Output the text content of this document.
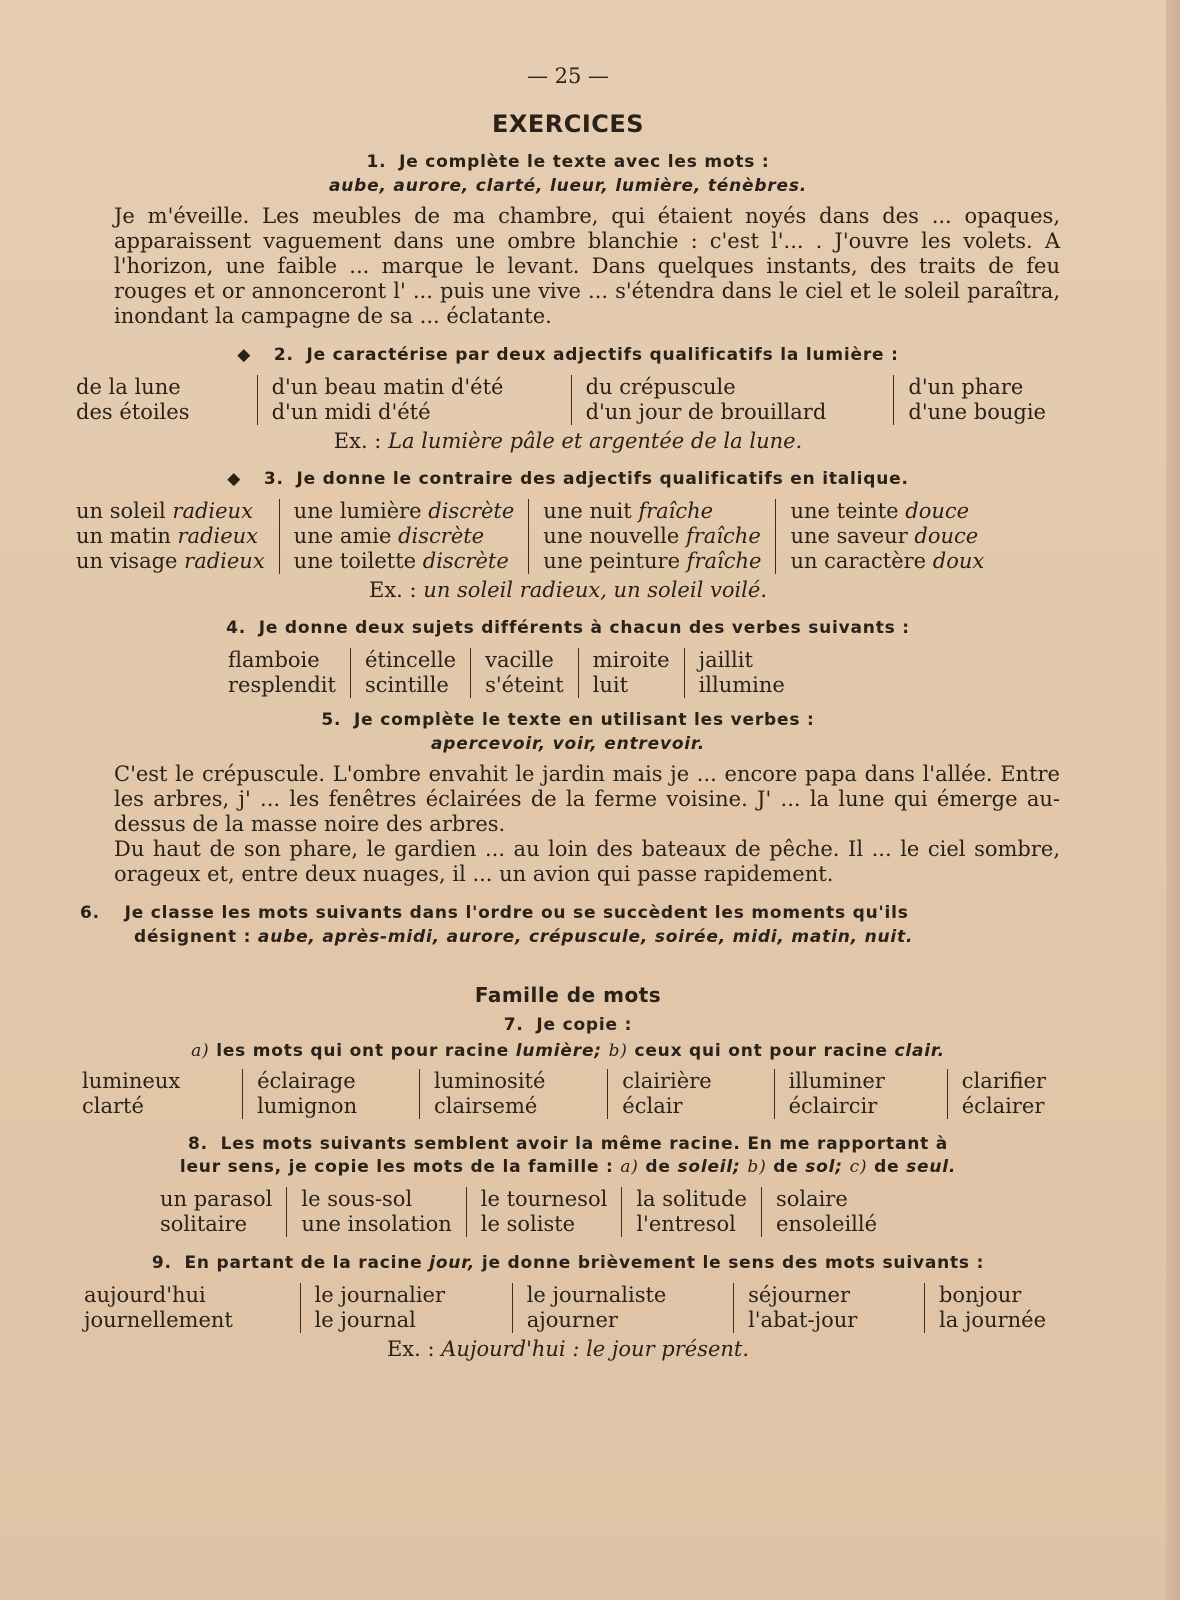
— 25 —
EXERCICES
1. Je complète le texte avec les mots :
aube, aurore, clarté, lueur, lumière, ténèbres.

Je m'éveille. Les meubles de ma chambre, qui étaient noyés dans des ... opaques, apparaissent vaguement dans une ombre blanchie : c'est l'... . J'ouvre les volets. A l'horizon, une faible ... marque le levant. Dans quelques instants, des traits de feu rouges et or annonceront l' ... puis une vive ... s'étendra dans le ciel et le soleil paraîtra, inondant la campagne de sa ... éclatante.

◆ 2. Je caractérise par deux adjectifs qualificatifs la lumière :
de la lune
des étoiles
d'un beau matin d'été
d'un midi d'été
du crépuscule
d'un jour de brouillard
d'un phare
d'une bougie
Ex. : La lumière pâle et argentée de la lune.
◆ 3. Je donne le contraire des adjectifs qualificatifs en italique.
un soleil radieux
un matin radieux
un visage radieux
une lumière discrète
une amie discrète
une toilette discrète
une nuit fraîche
une nouvelle fraîche
une peinture fraîche
une teinte douce
une saveur douce
un caractère doux
Ex. : un soleil radieux, un soleil voilé.
4. Je donne deux sujets différents à chacun des verbes suivants :
flamboie
resplendit
étincelle
scintille
vacille
s'éteint
miroite
luit
jaillit
illumine
5. Je complète le texte en utilisant les verbes :
apercevoir, voir, entrevoir.

C'est le crépuscule. L'ombre envahit le jardin mais je ... encore papa dans l'allée. Entre les arbres, j' ... les fenêtres éclairées de la ferme voisine. J' ... la lune qui émerge au-dessus de la masse noire des arbres.

Du haut de son phare, le gardien ... au loin des bateaux de pêche. Il ... le ciel sombre, orageux et, entre deux nuages, il ... un avion qui passe rapidement.

6. Je classe les mots suivants dans l'ordre ou se succèdent les moments qu'ils
désignent : aube, après-midi, aurore, crépuscule, soirée, midi, matin, nuit.
Famille de mots
7. Je copie :
a) les mots qui ont pour racine lumière; b) ceux qui ont pour racine clair.
lumineux
clarté
éclairage
lumignon
luminosité
clairsemé
clairière
éclair
illuminer
éclaircir
clarifier
éclairer
8. Les mots suivants semblent avoir la même racine. En me rapportant à
leur sens, je copie les mots de la famille : a) de soleil; b) de sol; c) de seul.
un parasol
solitaire
le sous-sol
une insolation
le tournesol
le soliste
la solitude
l'entresol
solaire
ensoleillé
9. En partant de la racine jour, je donne brièvement le sens des mots suivants :
aujourd'hui
journellement
le journalier
le journal
le journaliste
ajourner
séjourner
l'abat-jour
bonjour
la journée
Ex. : Aujourd'hui : le jour présent.
